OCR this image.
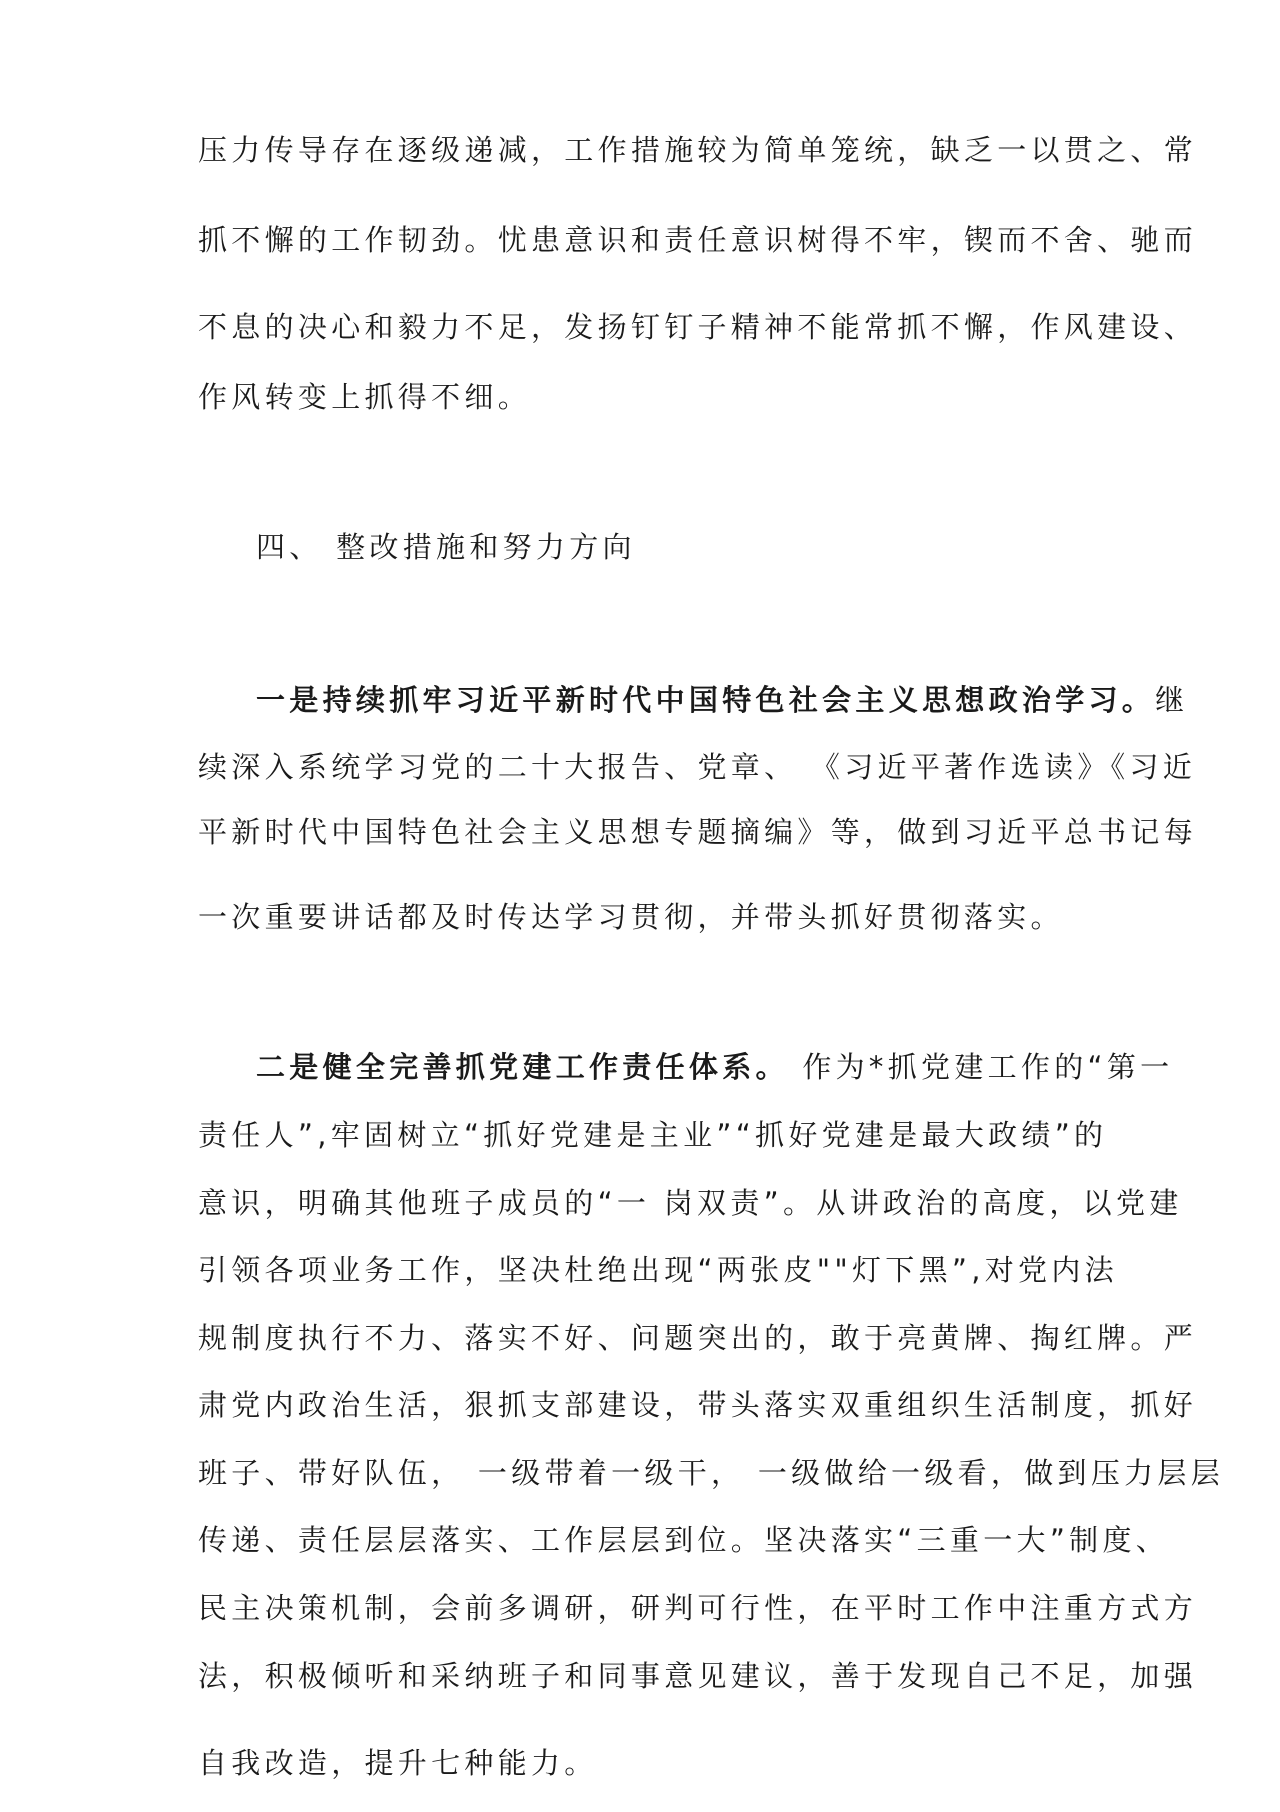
压力传导存在逐级递减，工作措施较为简单笼统，缺乏一以贯之、常
抓不懈的工作韧劲。忧患意识和责任意识树得不牢，锲而不舍、驰而
不息的决心和毅力不足，发扬钉钉子精神不能常抓不懈，作风建设、
作风转变上抓得不细。
四、 整改措施和努力方向
一是持续抓牢习近平新时代中国特色社会主义思想政治学习。继
续深入系统学习党的二十大报告、党章、 《习近平著作选读》《习近
平新时代中国特色社会主义思想专题摘编》等，做到习近平总书记每
一次重要讲话都及时传达学习贯彻，并带头抓好贯彻落实。
二是健全完善抓党建工作责任体系。 作为*抓党建工作的“第一
责任人”,牢固树立“抓好党建是主业”“抓好党建是最大政绩”的
意识，明确其他班子成员的“一 岗双责”。从讲政治的高度，以党建
引领各项业务工作，坚决杜绝出现“两张皮""灯下黑”,对党内法
规制度执行不力、落实不好、问题突出的，敢于亮黄牌、掏红牌。严
肃党内政治生活，狠抓支部建设，带头落实双重组织生活制度，抓好
班子、带好队伍， 一级带着一级干， 一级做给一级看，做到压力层层
传递、责任层层落实、工作层层到位。坚决落实“三重一大”制度、
民主决策机制，会前多调研，研判可行性，在平时工作中注重方式方
法，积极倾听和采纳班子和同事意见建议，善于发现自己不足，加强
自我改造，提升七种能力。
